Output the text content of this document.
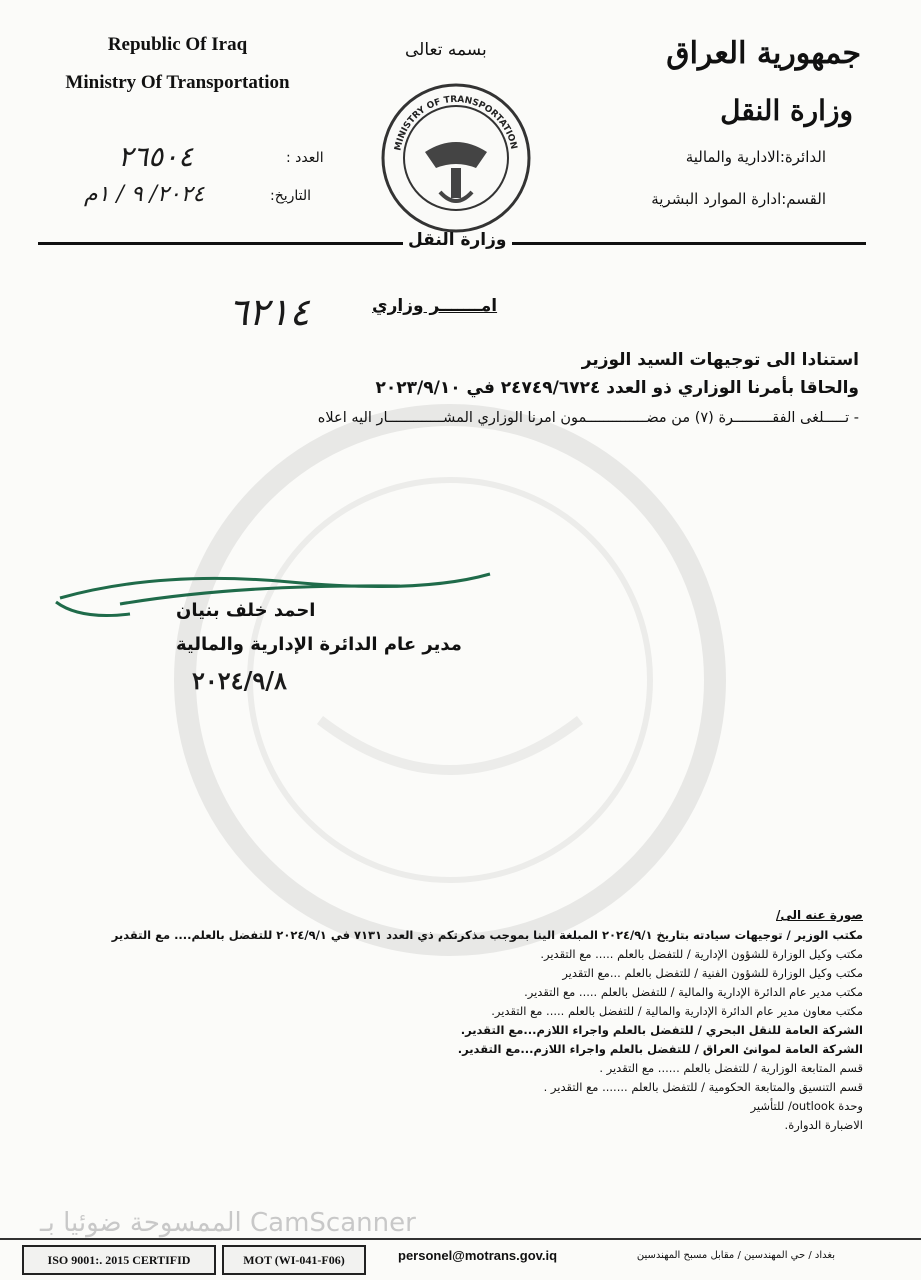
Republic Of Iraq
Ministry Of Transportation
العدد :
٢٦٥٠٤
التاريخ:
٢٠٢٤/ ٩ / ١م
بسمه تعالى
MINISTRY OF TRANSPORTATION
وزارة النقل
جمهورية العراق
وزارة النقل
الدائرة:الادارية والمالية
القسم:ادارة الموارد البشرية
امـــــــر وزاري
٦٢١٤
استنادا الى توجيهات السيد الوزير
والحاقا بأمرنا الوزاري ذو العدد ٢٤٧٤٩/٦٧٢٤ في ٢٠٢٣/٩/١٠
- تـــــلغى الفقـــــــــرة (٧) من مضــــــــــــــمون امرنا الوزاري المشـــــــــــــار اليه اعلاه
احمد خلف بنيان
مدير عام الدائرة الإدارية والمالية
٢٠٢٤/٩/٨
صورة عنه الى/
مكتب الوزير / توجيهات سيادته بتاريخ ٢٠٢٤/٩/١ المبلغة الينا بموجب مذكرتكم ذي العدد ٧١٣١ في ٢٠٢٤/٩/١ للتفضل بالعلم.... مع التقدير
مكتب وكيل الوزارة للشؤون الإدارية / للتفضل بالعلم ..... مع التقدير.
مكتب وكيل الوزارة للشؤون الفنية / للتفضل بالعلم ...مع التقدير
مكتب مدير عام الدائرة الإدارية والمالية / للتفضل بالعلم ..... مع التقدير.
مكتب معاون مدير عام الدائرة الإدارية والمالية / للتفضل بالعلم ..... مع التقدير.
الشركة العامة للنقل البحري / للتفضل بالعلم واجراء اللازم...مع التقدير.
الشركة العامة لموانئ العراق / للتفضل بالعلم واجراء اللازم...مع التقدير.
قسم المتابعة الوزارية / للتفضل بالعلم ...... مع التقدير .
قسم التنسيق والمتابعة الحكومية / للتفضل بالعلم ....... مع التقدير .
وحدة outlook/ للتأشير
الاضبارة الدوارة.
CamScanner الممسوحة ضوئيا بـ
ISO 9001:. 2015 CERTIFID	MOT (WI-041-F06)	personel@motrans.gov.iq	بغداد / حي المهندسين / مقابل مسبح المهندسين
